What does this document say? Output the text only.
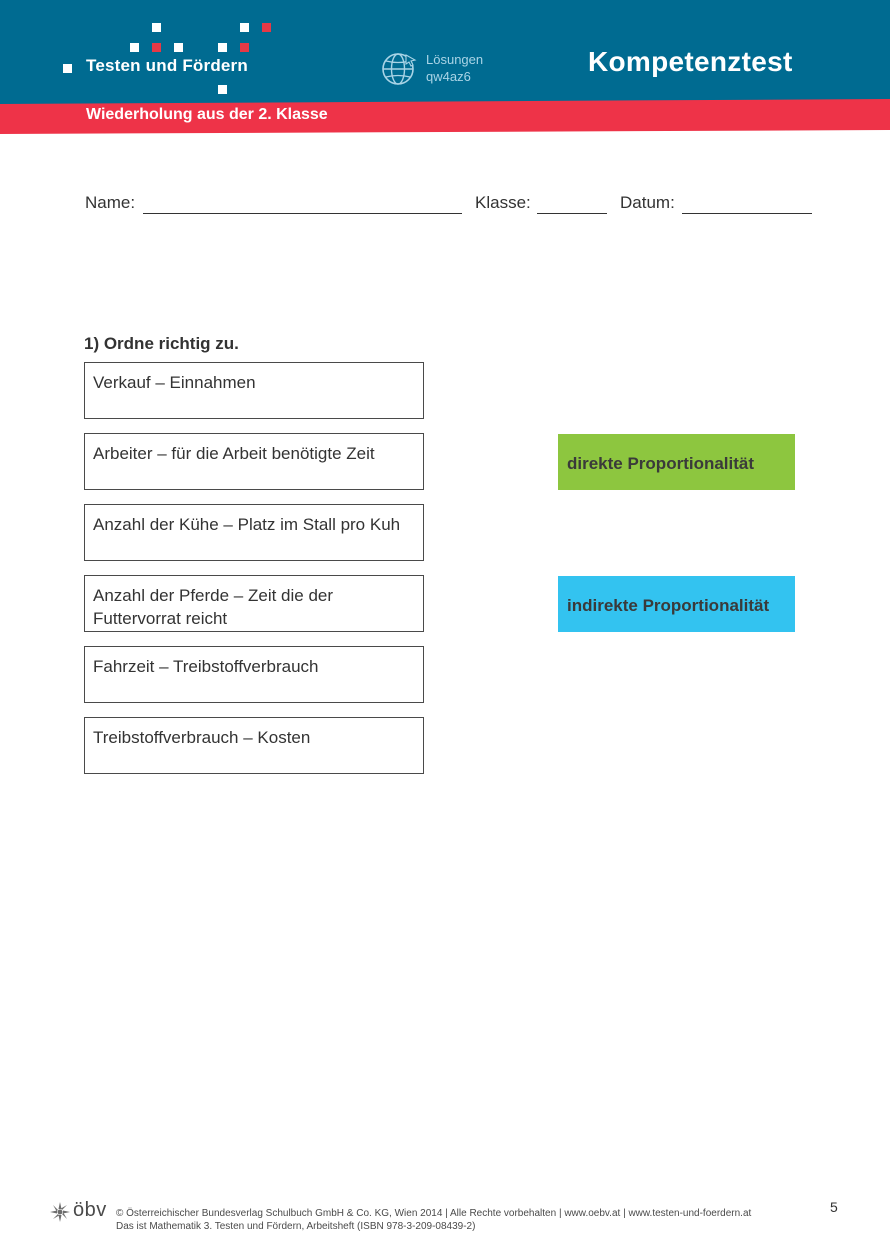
Testen und Fördern	Lösungen
qw4az6	Kompetenztest
Wiederholung aus der 2. Klasse
Name:	Klasse:	Datum:
1) Ordne richtig zu.
Verkauf – Einnahmen
Arbeiter – für die Arbeit benötigte Zeit
Anzahl der Kühe – Platz im Stall pro Kuh
Anzahl der Pferde – Zeit die der Futtervorrat reicht
Fahrzeit – Treibstoffverbrauch
Treibstoffverbrauch – Kosten
direkte Proportionalität
indirekte Proportionalität
öbv © Österreichischer Bundesverlag Schulbuch GmbH & Co. KG, Wien 2014 | Alle Rechte vorbehalten | www.oebv.at | www.testen-und-foerdern.at
Das ist Mathematik 3. Testen und Fördern, Arbeitsheft (ISBN 978-3-209-08439-2)
5
